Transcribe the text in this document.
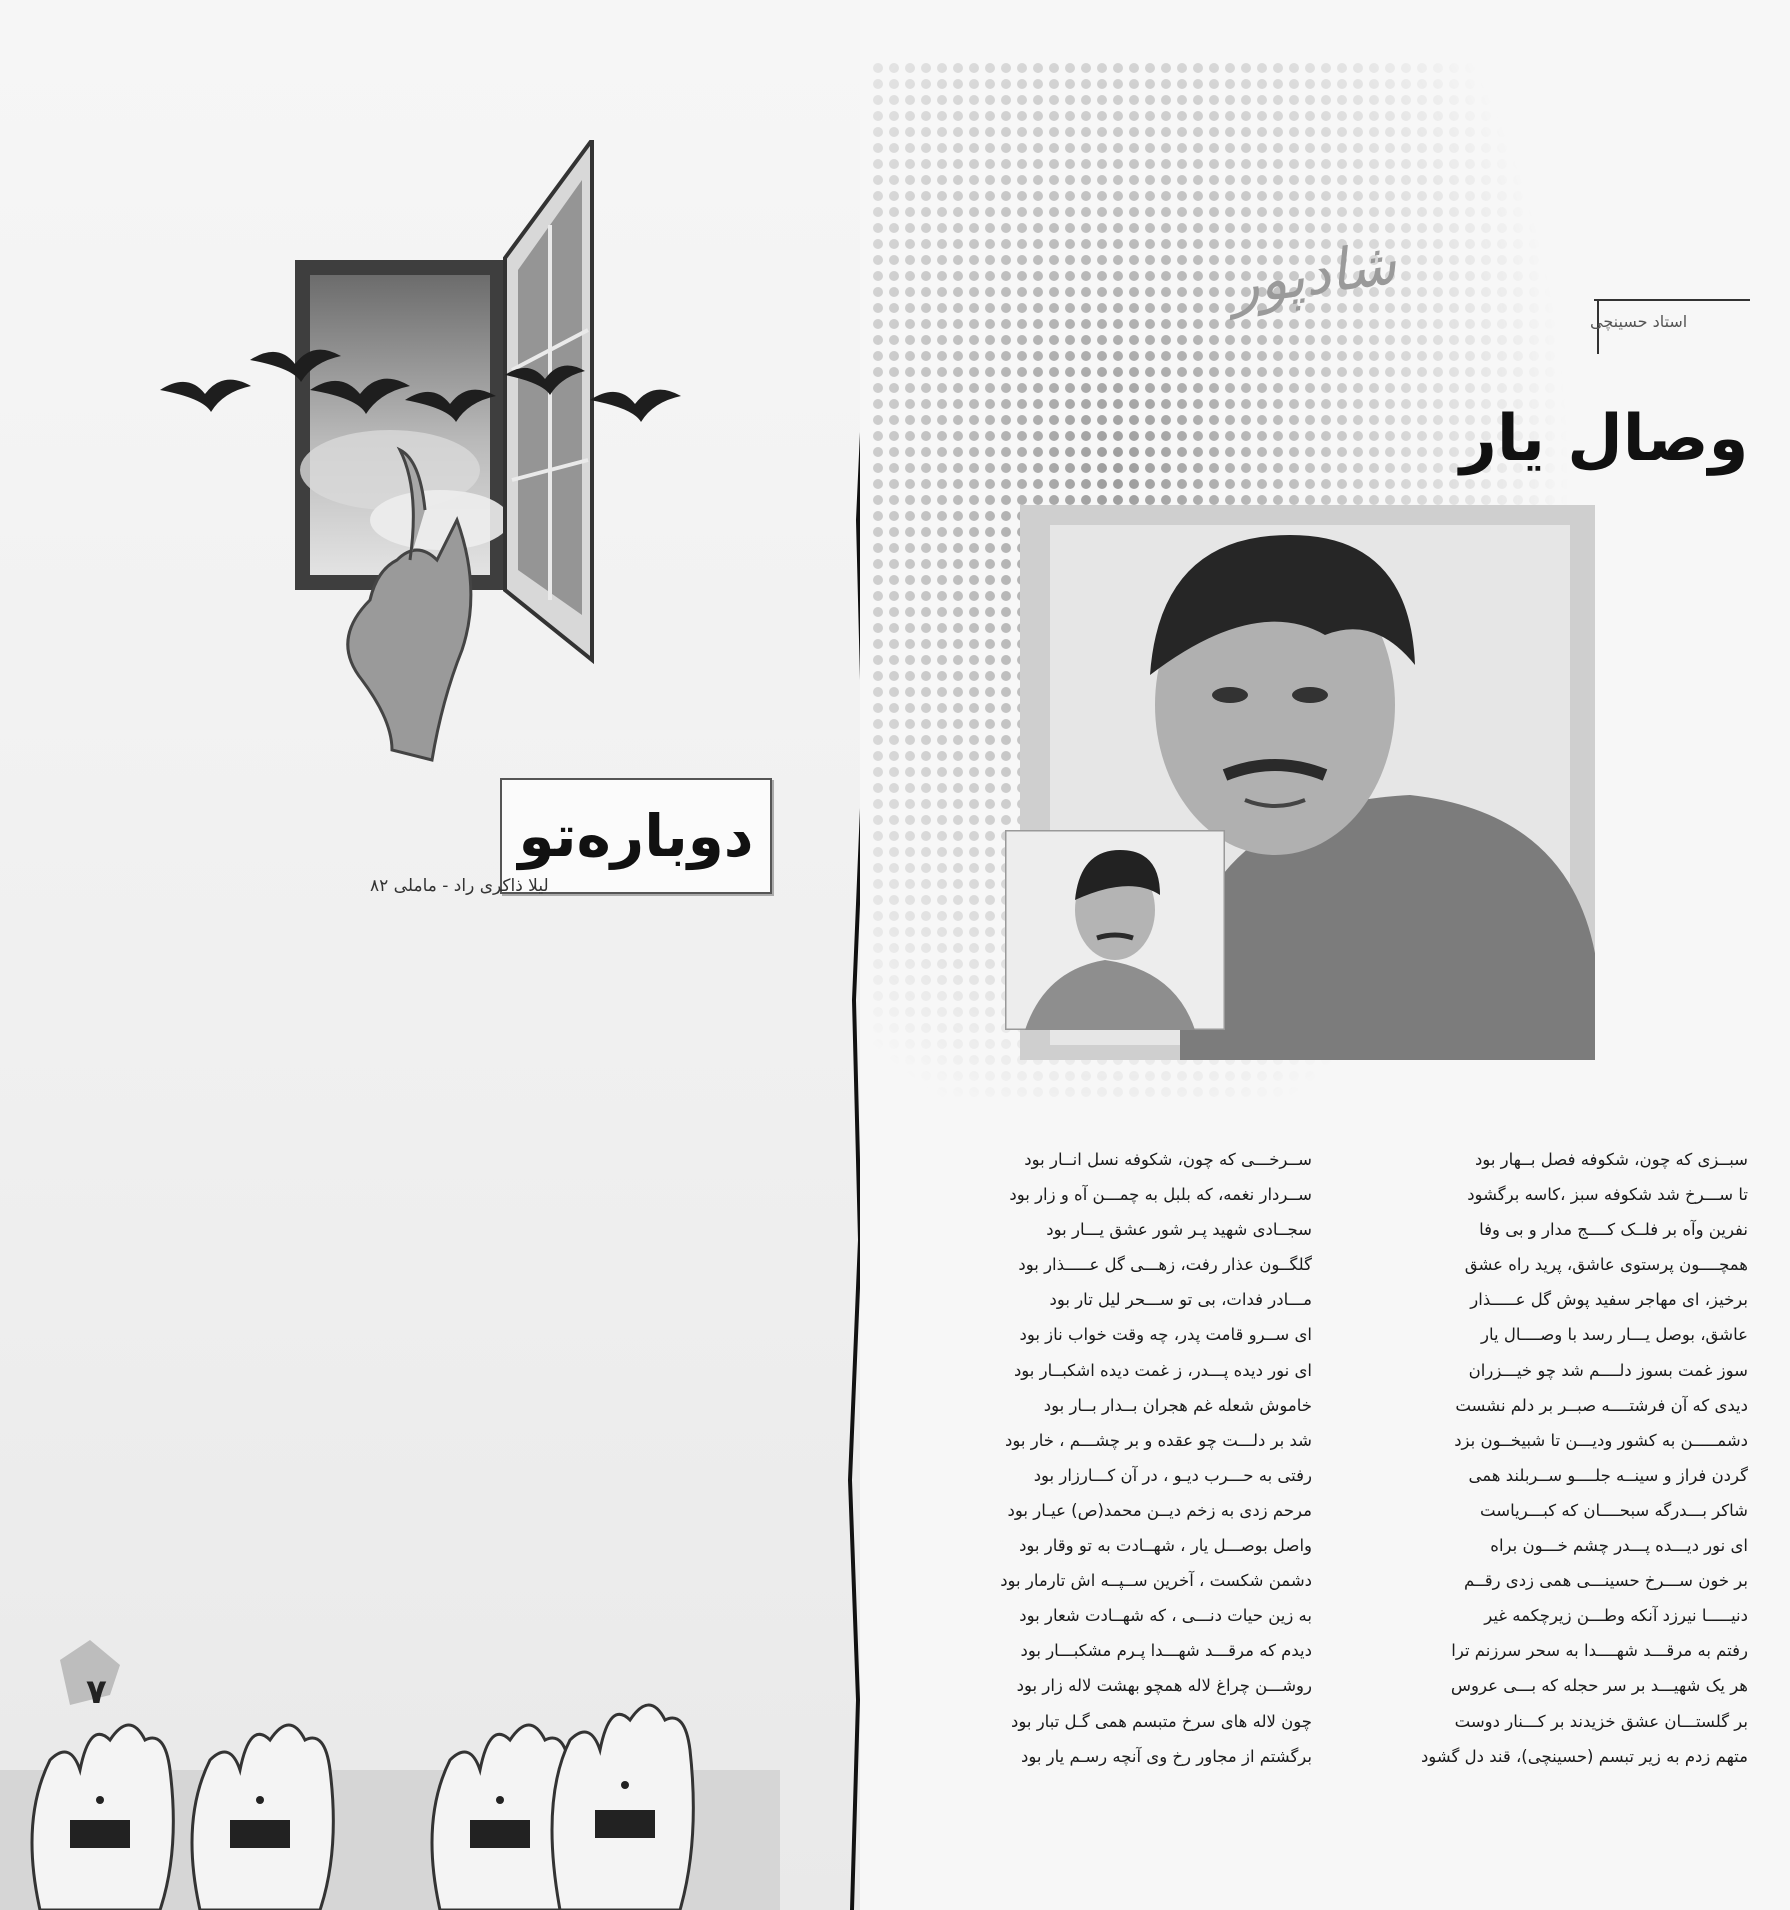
دوباره‌تو
لیلا ذاکری راد - ماملی ۸۲
۷
شادپور
استاد حسینچی
وصال یار
سبــزی که چون، شکوفه فصل بــهار بود
تا ســـرخ شد شکوفه سبز ،کاسه برگشود
نفرین وآه بر فلــک کــــج مدار و بی وفا
همچــــون پرستوی عاشق، پرید راه عشق
برخیز، ای مهاجر سفید پوش گل عـــــذار
عاشق، بوصل یـــار رسد با وصــــال یار
سوز غمت بسوز دلــــم شد چو خیـــزران
دیدی که آن فرشتــــه صبــر بر دلم نشست
دشمـــــن به کشور ودیـــن تا شبیخــون بزد
گردن فراز و سینــه جلــــو ســربلند همی
شاکر بـــدرگه سبحــــان که کبـــریاست
ای نور دیـــده پـــدر چشم خـــون براه
بر خون ســـرخ حسینـــی همی زدی رقــم
دنیـــــا نیرزد آنکه وطـــن زیرچکمه غیر
رفتم به مرقـــد شهــــدا به سحر سرزنم ترا
هر یک شهیـــد بر سر حجله که بـــی عروس
بر گلستـــان عشق خزیدند بر کـــنار دوست
متهم زدم به زیر تبسم (حسینچی)، قند دل گشود
ســرخـــی که چون، شکوفه نسل انــار بود
ســردار نغمه، که بلبل به چمـــن آه و زار بود
سجــادی شهید پـر شور عشق یـــار بود
گلگــون عذار رفت، زهـــی گل عـــــذار بود
مـــادر فدات، بی تو ســـحر لیل تار بود
ای ســرو قامت پدر، چه وقت خواب ناز بود
ای نور دیده پـــدر، ز غمت دیده اشکبــار بود
خاموش شعله غم هجران بــدار بــار بود
شد بر دلـــت چو عقده و بر چشـــم ، خار بود
رفتی به حـــرب دیـو ، در آن کـــارزار بود
مرحم زدی به زخم دیــن محمد(ص) عیـار بود
واصل بوصـــل یار ، شهــادت به تو وقار بود
دشمن شکست ، آخرین ســپــه اش تارمار بود
به زین حیات دنـــی ، که شهــادت شعار بود
دیدم که مرقـــد شهـــدا پـرم مشکبـــار بود
روشـــن چراغ لاله همچو بهشت لاله زار بود
چون لاله های سرخ متبسم همی گـل تبار بود
برگشتم از مجاور رخ وی آنچه رسـم یار بود
